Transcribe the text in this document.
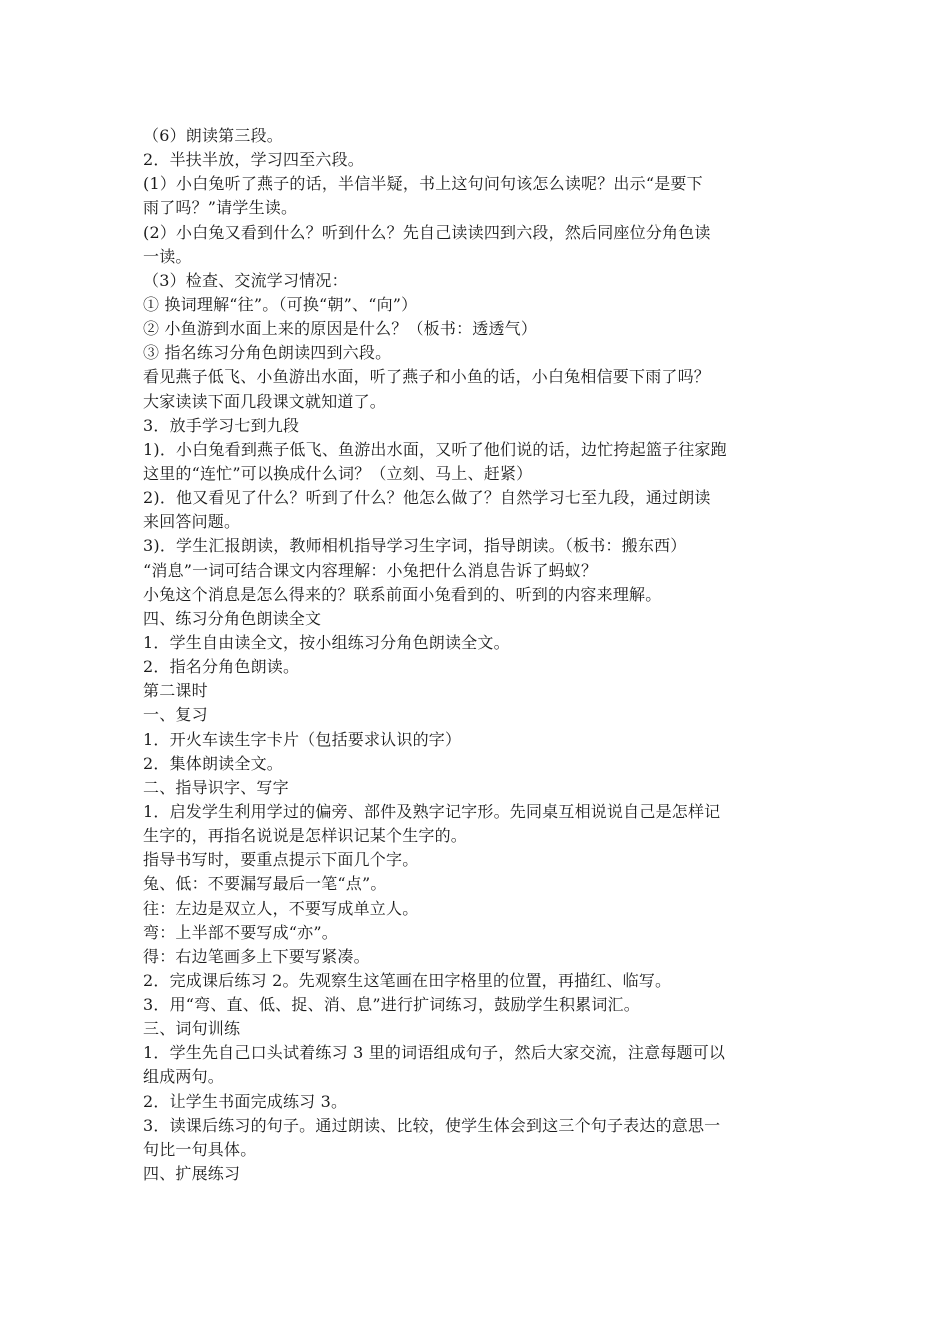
（6）朗读第三段。
2．半扶半放，学习四至六段。
(1）小白兔听了燕子的话，半信半疑，书上这句问句该怎么读呢？出示“是要下
雨了吗？”请学生读。
(2）小白兔又看到什么？听到什么？先自己读读四到六段，然后同座位分角色读
一读。
（3）检查、交流学习情况：
① 换词理解“往”。（可换“朝”、“向”）
② 小鱼游到水面上来的原因是什么？（板书：透透气）
③ 指名练习分角色朗读四到六段。
看见燕子低飞、小鱼游出水面，听了燕子和小鱼的话，小白兔相信要下雨了吗？
大家读读下面几段课文就知道了。
3．放手学习七到九段
1)．小白兔看到燕子低飞、鱼游出水面，又听了他们说的话，边忙挎起篮子往家跑
这里的“连忙”可以换成什么词？（立刻、马上、赶紧）
2)．他又看见了什么？听到了什么？他怎么做了？自然学习七至九段，通过朗读
来回答问题。
3)．学生汇报朗读，教师相机指导学习生字词，指导朗读。（板书：搬东西）
“消息”一词可结合课文内容理解：小兔把什么消息告诉了蚂蚁？
小兔这个消息是怎么得来的？联系前面小兔看到的、听到的内容来理解。
四、练习分角色朗读全文
1．学生自由读全文，按小组练习分角色朗读全文。
2．指名分角色朗读。
第二课时
一、复习
1．开火车读生字卡片（包括要求认识的字）
2．集体朗读全文。
二、指导识字、写字
1．启发学生利用学过的偏旁、部件及熟字记字形。先同桌互相说说自己是怎样记
生字的，再指名说说是怎样识记某个生字的。
指导书写时，要重点提示下面几个字。
兔、低：不要漏写最后一笔“点”。
往：左边是双立人，不要写成单立人。
弯：上半部不要写成“亦”。
得：右边笔画多上下要写紧凑。
2．完成课后练习 2。先观察生这笔画在田字格里的位置，再描红、临写。
3．用“弯、直、低、捉、消、息”进行扩词练习，鼓励学生积累词汇。
三、词句训练
1．学生先自己口头试着练习 3 里的词语组成句子，然后大家交流，注意每题可以
组成两句。
2．让学生书面完成练习 3。
3．读课后练习的句子。通过朗读、比较，使学生体会到这三个句子表达的意思一
句比一句具体。
四、扩展练习
